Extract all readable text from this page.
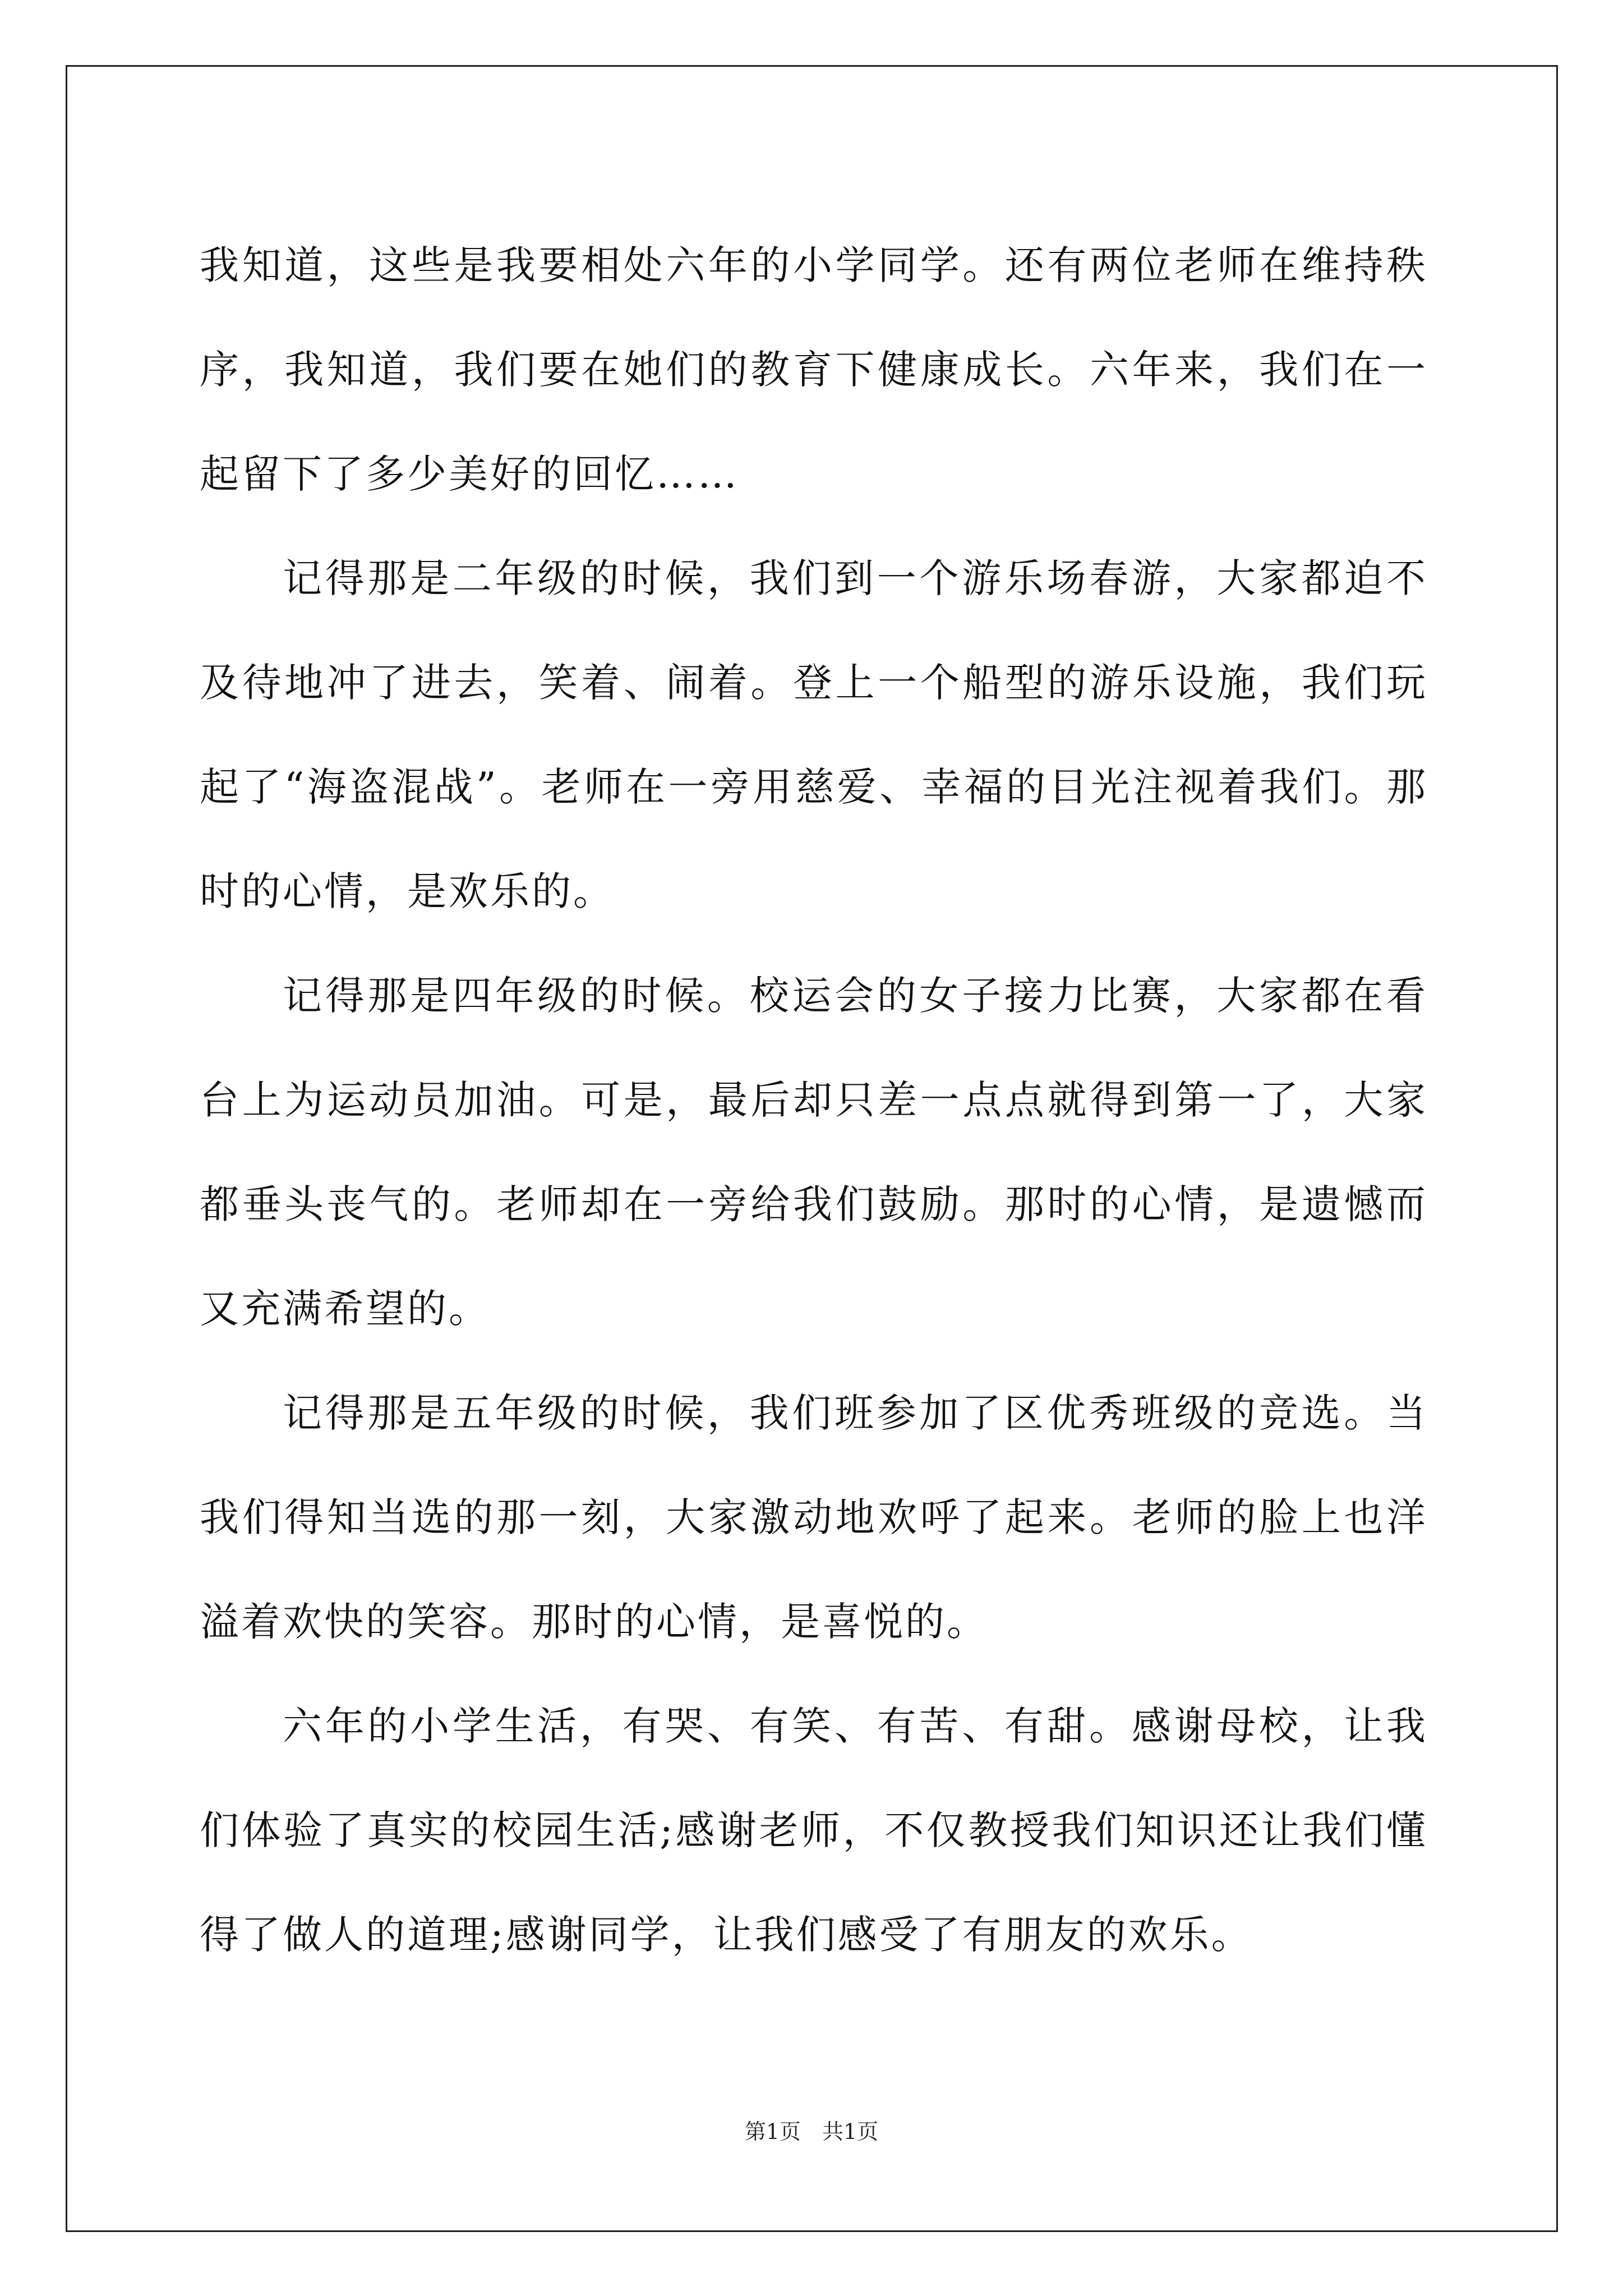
我知道，这些是我要相处六年的小学同学。还有两位老师在维持秩序，我知道，我们要在她们的教育下健康成长。六年来，我们在一起留下了多少美好的回忆……

记得那是二年级的时候，我们到一个游乐场春游，大家都迫不及待地冲了进去，笑着、闹着。登上一个船型的游乐设施，我们玩起了“海盗混战”。老师在一旁用慈爱、幸福的目光注视着我们。那时的心情，是欢乐的。

记得那是四年级的时候。校运会的女子接力比赛，大家都在看台上为运动员加油。可是，最后却只差一点点就得到第一了，大家都垂头丧气的。老师却在一旁给我们鼓励。那时的心情，是遗憾而又充满希望的。

记得那是五年级的时候，我们班参加了区优秀班级的竞选。当我们得知当选的那一刻，大家激动地欢呼了起来。老师的脸上也洋溢着欢快的笑容。那时的心情，是喜悦的。

六年的小学生活，有哭、有笑、有苦、有甜。感谢母校，让我们体验了真实的校园生活;感谢老师，不仅教授我们知识还让我们懂得了做人的道理;感谢同学，让我们感受了有朋友的欢乐。

第1页　共1页
